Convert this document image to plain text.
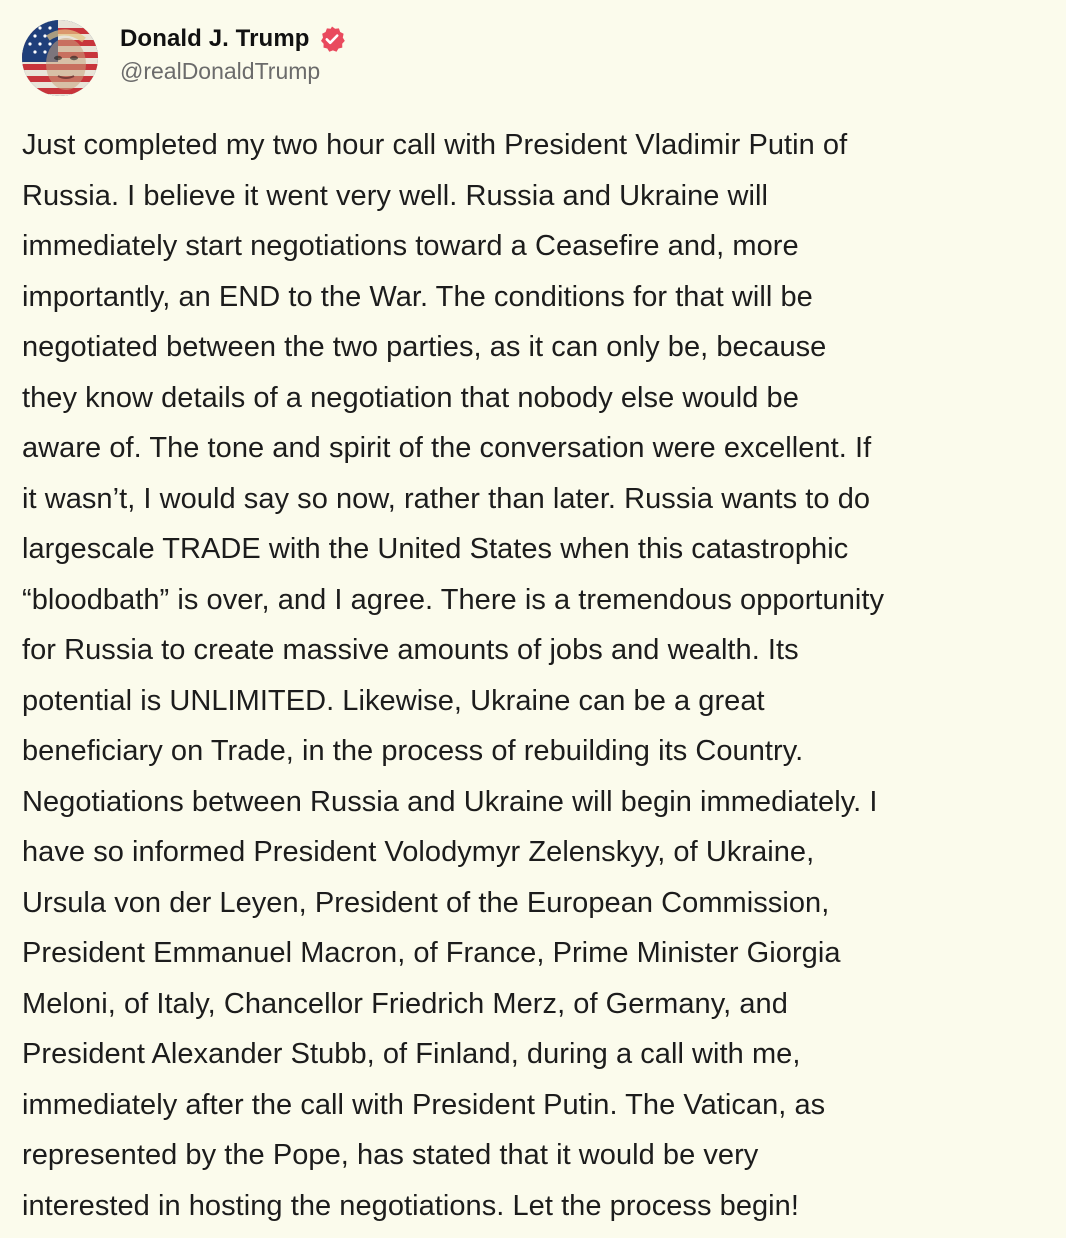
Donald J. Trump
@realDonaldTrump
Just completed my two hour call with President Vladimir Putin of
Russia. I believe it went very well. Russia and Ukraine will
immediately start negotiations toward a Ceasefire and, more
importantly, an END to the War. The conditions for that will be
negotiated between the two parties, as it can only be, because
they know details of a negotiation that nobody else would be
aware of. The tone and spirit of the conversation were excellent. If
it wasn’t, I would say so now, rather than later. Russia wants to do
largescale TRADE with the United States when this catastrophic
“bloodbath” is over, and I agree. There is a tremendous opportunity
for Russia to create massive amounts of jobs and wealth. Its
potential is UNLIMITED. Likewise, Ukraine can be a great
beneficiary on Trade, in the process of rebuilding its Country.
Negotiations between Russia and Ukraine will begin immediately. I
have so informed President Volodymyr Zelenskyy, of Ukraine,
Ursula von der Leyen, President of the European Commission,
President Emmanuel Macron, of France, Prime Minister Giorgia
Meloni, of Italy, Chancellor Friedrich Merz, of Germany, and
President Alexander Stubb, of Finland, during a call with me,
immediately after the call with President Putin. The Vatican, as
represented by the Pope, has stated that it would be very
interested in hosting the negotiations. Let the process begin!
